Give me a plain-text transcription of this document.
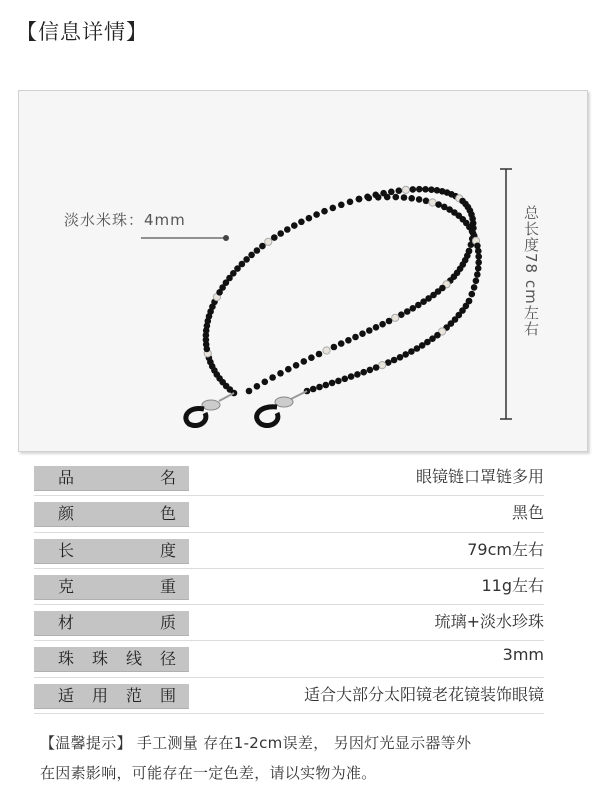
【信息详情】
淡水米珠：4mm	总长度78 cm左右
品	名	眼镜链口罩链多用
颜	色	黑色
长	度	79cm左右
克	重	11g左右
材	质	琉璃+淡水珍珠
珠 珠 线 径	3mm
适 用 范 围	适合大部分太阳镜老花镜装饰眼镜
【温馨提示】 手工测量 存在1-2cm误差， 另因灯光显示器等外
在因素影响，可能存在一定色差，请以实物为准。
